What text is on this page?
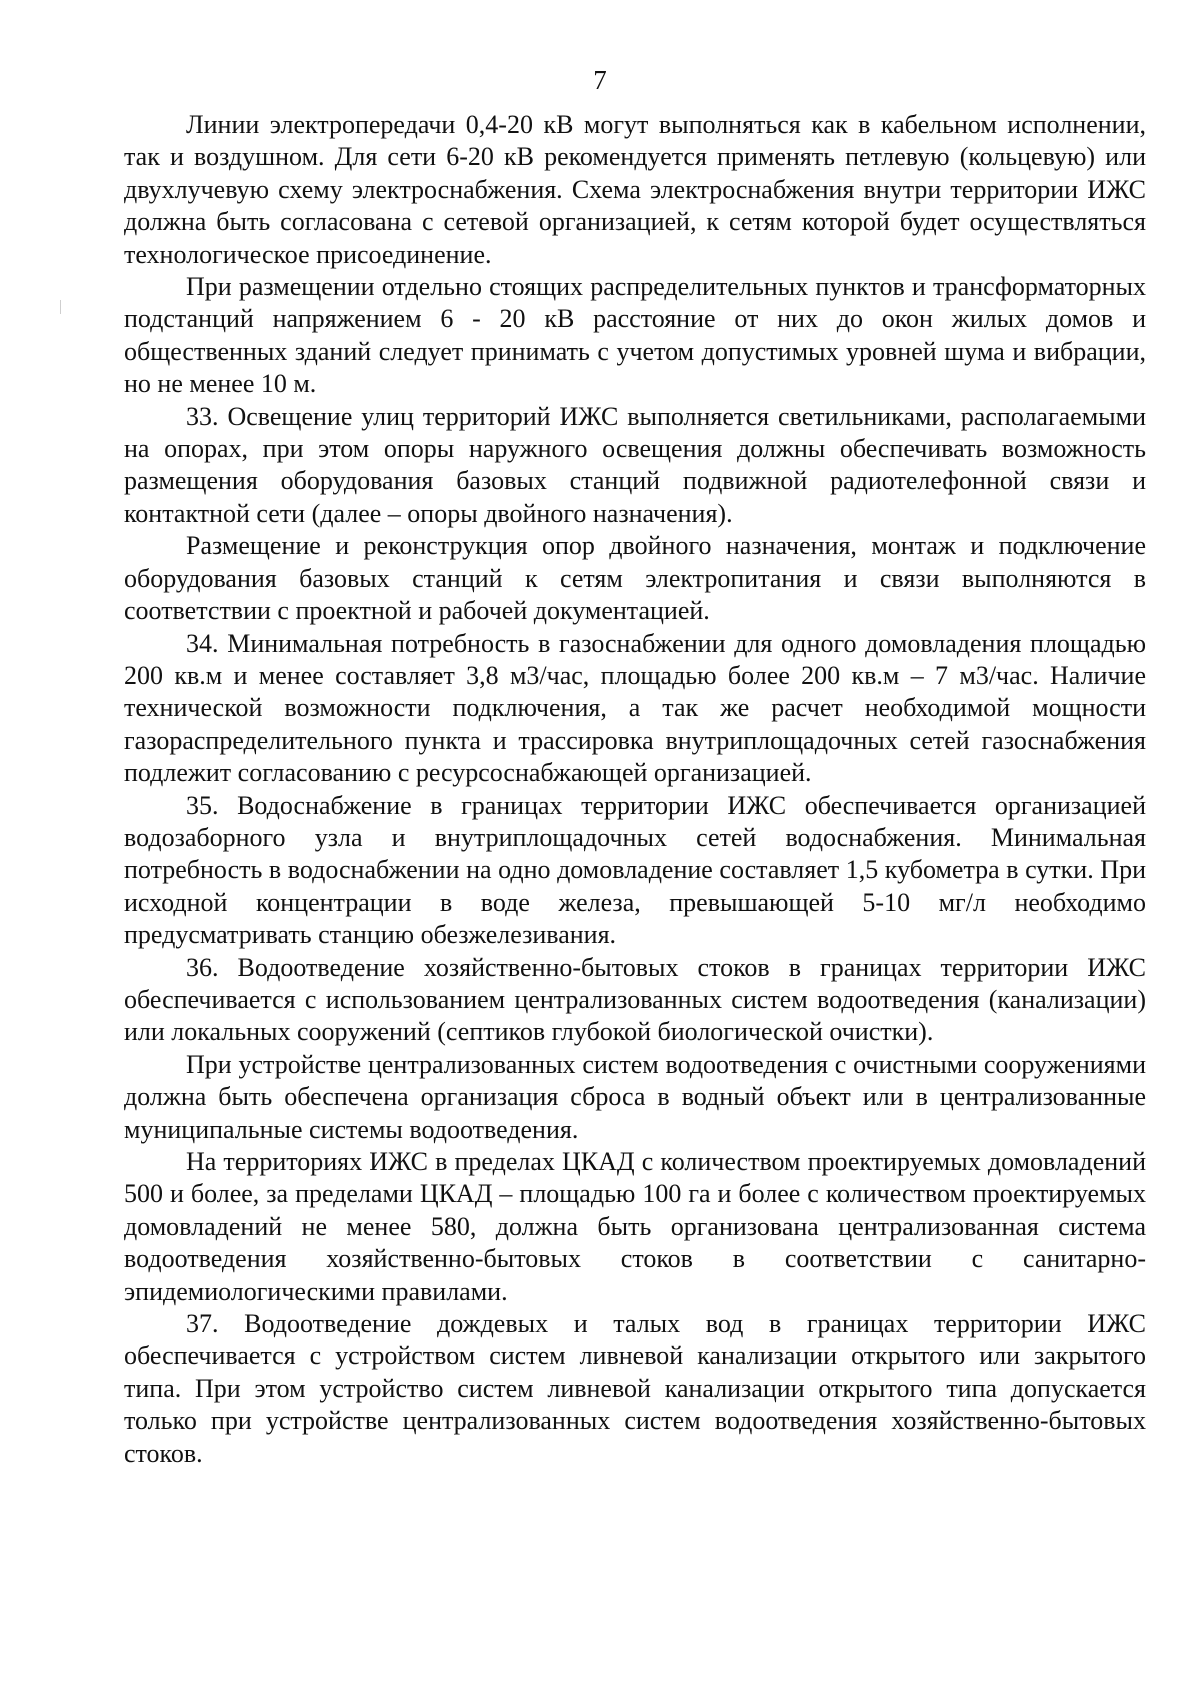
7

Линии электропередачи 0,4-20 кВ могут выполняться как в кабельном исполнении, так и воздушном. Для сети 6-20 кВ рекомендуется применять петлевую (кольцевую) или двухлучевую схему электроснабжения. Схема электроснабжения внутри территории ИЖС должна быть согласована с сетевой организацией, к сетям которой будет осуществляться технологическое присоединение.

При размещении отдельно стоящих распределительных пунктов и трансформаторных подстанций напряжением 6 - 20 кВ расстояние от них до окон жилых домов и общественных зданий следует принимать с учетом допустимых уровней шума и вибрации, но не менее 10 м.

33. Освещение улиц территорий ИЖС выполняется светильниками, располагаемыми на опорах, при этом опоры наружного освещения должны обеспечивать возможность размещения оборудования базовых станций подвижной радиотелефонной связи и контактной сети (далее – опоры двойного назначения).

Размещение и реконструкция опор двойного назначения, монтаж и подключение оборудования базовых станций к сетям электропитания и связи выполняются в соответствии с проектной и рабочей документацией.

34. Минимальная потребность в газоснабжении для одного домовладения площадью 200 кв.м и менее составляет 3,8 м3/час, площадью более 200 кв.м – 7 м3/час. Наличие технической возможности подключения, а так же расчет необходимой мощности газораспределительного пункта и трассировка внутриплощадочных сетей газоснабжения подлежит согласованию с ресурсоснабжающей организацией.

35. Водоснабжение в границах территории ИЖС обеспечивается организацией водозаборного узла и внутриплощадочных сетей водоснабжения. Минимальная потребность в водоснабжении на одно домовладение составляет 1,5 кубометра в сутки. При исходной концентрации в воде железа, превышающей 5-10 мг/л необходимо предусматривать станцию обезжелезивания.

36. Водоотведение хозяйственно-бытовых стоков в границах территории ИЖС обеспечивается с использованием централизованных систем водоотведения (канализации) или локальных сооружений (септиков глубокой биологической очистки).

При устройстве централизованных систем водоотведения с очистными сооружениями должна быть обеспечена организация сброса в водный объект или в централизованные муниципальные системы водоотведения.

На территориях ИЖС в пределах ЦКАД с количеством проектируемых домовладений 500 и более, за пределами ЦКАД – площадью 100 га и более с количеством проектируемых домовладений не менее 580, должна быть организована централизованная система водоотведения хозяйственно-бытовых стоков в соответствии с санитарно-эпидемиологическими правилами.

37. Водоотведение дождевых и талых вод в границах территории ИЖС обеспечивается с устройством систем ливневой канализации открытого или закрытого типа. При этом устройство систем ливневой канализации открытого типа допускается только при устройстве централизованных систем водоотведения хозяйственно-бытовых стоков.
